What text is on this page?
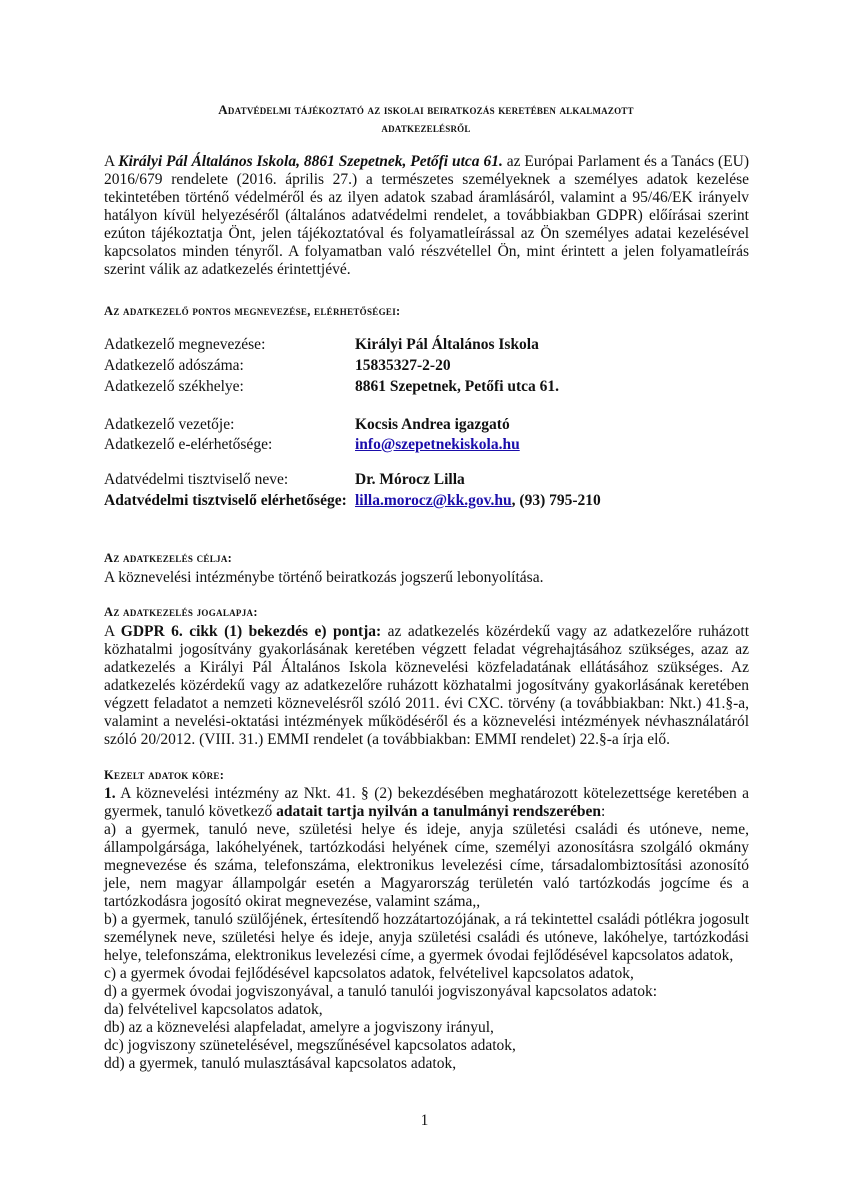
Adatvédelmi tájékoztató az iskolai beiratkozás keretében alkalmazott
adatkezelésről
A Királyi Pál Általános Iskola, 8861 Szepetnek, Petőfi utca 61. az Európai Parlament és a Tanács (EU) 2016/679 rendelete (2016. április 27.) a természetes személyeknek a személyes adatok kezelése tekintetében történő védelméről és az ilyen adatok szabad áramlásáról, valamint a 95/46/EK irányelv hatályon kívül helyezéséről (általános adatvédelmi rendelet, a továbbiakban GDPR) előírásai szerint ezúton tájékoztatja Önt, jelen tájékoztatóval és folyamatleírással az Ön személyes adatai kezelésével kapcsolatos minden tényről. A folyamatban való részvétellel Ön, mint érintett a jelen folyamatleírás szerint válik az adatkezelés érintettjévé.
Az adatkezelő pontos megnevezése, elérhetőségei:
Adatkezelő megnevezése:	Királyi Pál Általános Iskola
Adatkezelő adószáma:	15835327-2-20
Adatkezelő székhelye:	8861 Szepetnek, Petőfi utca 61.
Adatkezelő vezetője:	Kocsis Andrea igazgató
Adatkezelő e-elérhetősége:	info@szepetnekiskola.hu
Adatvédelmi tisztviselő neve:	Dr. Mórocz Lilla
Adatvédelmi tisztviselő elérhetősége: lilla.morocz@kk.gov.hu, (93) 795-210
Az adatkezelés célja:
A köznevelési intézménybe történő beiratkozás jogszerű lebonyolítása.
Az adatkezelés jogalapja:
A GDPR 6. cikk (1) bekezdés e) pontja: az adatkezelés közérdekű vagy az adatkezelőre ruházott közhatalmi jogosítvány gyakorlásának keretében végzett feladat végrehajtásához szükséges, azaz az adatkezelés a Királyi Pál Általános Iskola köznevelési közfeladatának ellátásához szükséges. Az adatkezelés közérdekű vagy az adatkezelőre ruházott közhatalmi jogosítvány gyakorlásának keretében végzett feladatot a nemzeti köznevelésről szóló 2011. évi CXC. törvény (a továbbiakban: Nkt.) 41.§-a, valamint a nevelési-oktatási intézmények működéséről és a köznevelési intézmények névhasználatáról szóló 20/2012. (VIII. 31.) EMMI rendelet (a továbbiakban: EMMI rendelet) 22.§-a írja elő.
Kezelt adatok köre:

1. A köznevelési intézmény az Nkt. 41. § (2) bekezdésében meghatározott kötelezettsége keretében a gyermek, tanuló következő adatait tartja nyilván a tanulmányi rendszerében:

a) a gyermek, tanuló neve, születési helye és ideje, anyja születési családi és utóneve, neme, állampolgársága, lakóhelyének, tartózkodási helyének címe, személyi azonosításra szolgáló okmány megnevezése és száma, telefonszáma, elektronikus levelezési címe, társadalombiztosítási azonosító jele, nem magyar állampolgár esetén a Magyarország területén való tartózkodás jogcíme és a tartózkodásra jogosító okirat megnevezése, valamint száma,,

b) a gyermek, tanuló szülőjének, értesítendő hozzátartozójának, a rá tekintettel családi pótlékra jogosult személynek neve, születési helye és ideje, anyja születési családi és utóneve, lakóhelye, tartózkodási helye, telefonszáma, elektronikus levelezési címe, a gyermek óvodai fejlődésével kapcsolatos adatok,

c) a gyermek óvodai fejlődésével kapcsolatos adatok, felvételivel kapcsolatos adatok,

d) a gyermek óvodai jogviszonyával, a tanuló tanulói jogviszonyával kapcsolatos adatok:

da) felvételivel kapcsolatos adatok,

db) az a köznevelési alapfeladat, amelyre a jogviszony irányul,

dc) jogviszony szünetelésével, megszűnésével kapcsolatos adatok,

dd) a gyermek, tanuló mulasztásával kapcsolatos adatok,

1
